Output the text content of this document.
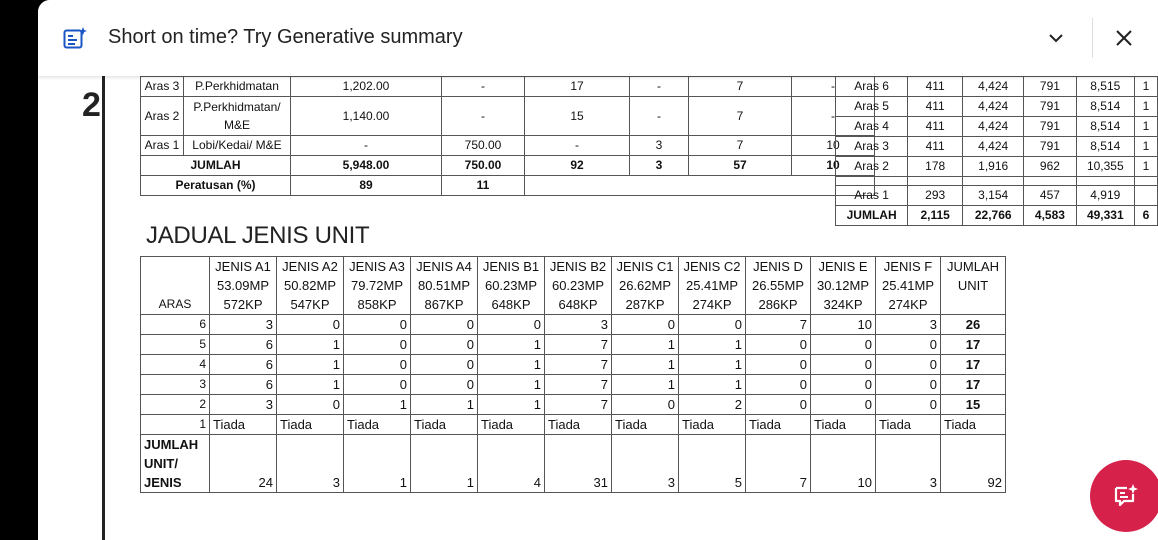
2	Aras 3	P.Perkhidmatan	1,202.00	-	17	-	7	-
Aras 2	P.Perkhidmatan/ M&E	1,140.00	-	15	-	7	-
Aras 1	Lobi/Kedai/ M&E	-	750.00	-	3	7	10
JUMLAH		5,948.00	750.00	92	3	57	10
Peratusan (%)		89	11				
Aras 6	411	4,424	791	8,515	1
Aras 5	411	4,424	791	8,514	1
Aras 4	411	4,424	791	8,514	1
Aras 3	411	4,424	791	8,514	1
Aras 2	178	1,916	962	10,355	1

Aras 1	293	3,154	457	4,919	
JUMLAH	2,115	22,766	4,583	49,331	6
JADUAL JENIS UNIT
	JENIS A1	JENIS A2	JENIS A3	JENIS A4	JENIS B1	JENIS B2	JENIS C1	JENIS C2	JENIS D	JENIS E	JENIS F	JUMLAH
	53.09MP	50.82MP	79.72MP	80.51MP	60.23MP	60.23MP	26.62MP	25.41MP	26.55MP	30.12MP	25.41MP	UNIT
ARAS	572KP	547KP	858KP	867KP	648KP	648KP	287KP	274KP	286KP	324KP	274KP	
6	3	0	0	0	0	3	0	0	7	10	3	26
5	6	1	0	0	1	7	1	1	0	0	0	17
4	6	1	0	0	1	7	1	1	0	0	0	17
3	6	1	0	0	1	7	1	1	0	0	0	17
2	3	0	1	1	1	7	0	2	0	0	0	15
1	Tiada	Tiada	Tiada	Tiada	Tiada	Tiada	Tiada	Tiada	Tiada	Tiada	Tiada	Tiada
JUMLAH												
UNIT/												
JENIS	24	3	1	1	4	31	3	5	7	10	3	92
Short on time? Try Generative summary
